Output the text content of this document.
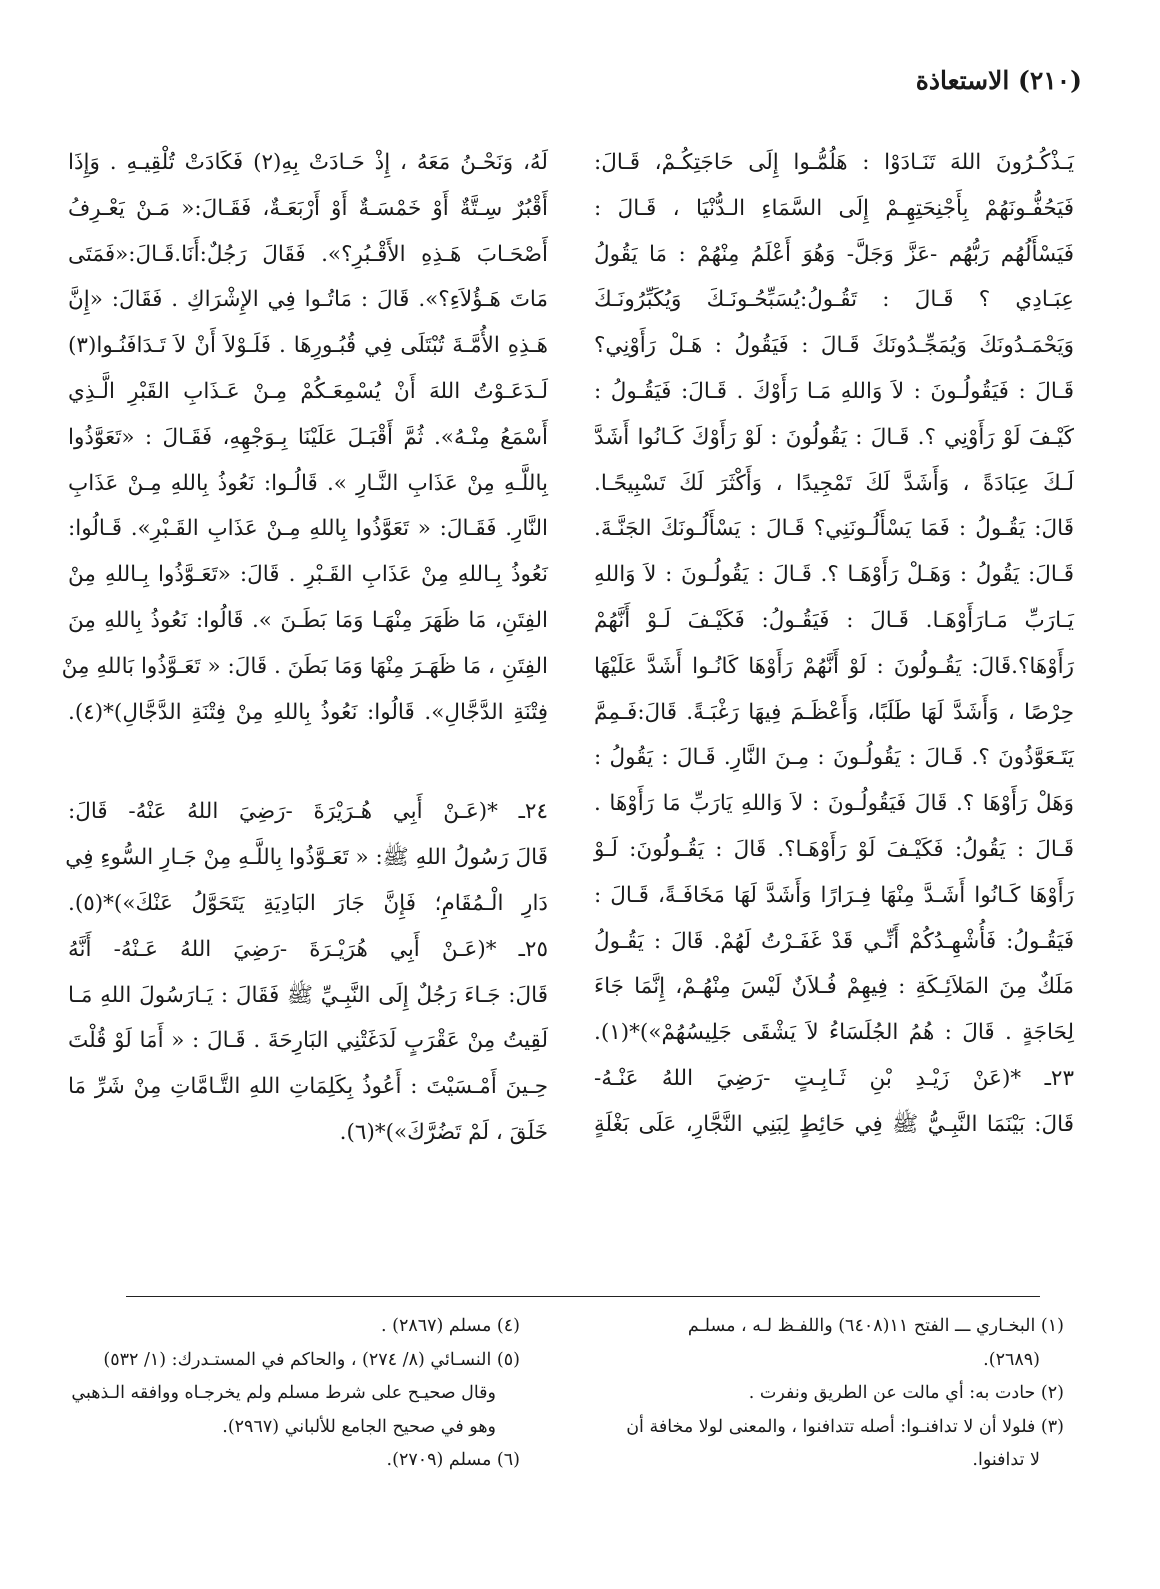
(٢١٠) الاستعاذة
يَـذْكُـرُونَ اللهَ تَنَـادَوْا : هَلُمُّـوا إِلَى حَاجَتِكُـمْ، قَـالَ:
فَيَحُفُّـونَهُمْ بِأَجْنِحَتِهِـمْ إِلَى السَّمَاءِ الـدُّنْيَا ، قَـالَ :
فَيَسْأَلُهُم رَبُّهُم -عَزَّ وَجَلَّ- وَهُوَ أَعْلَمُ مِنْهُمْ : مَا يَقُولُ
عِبَـادِي ؟ قَـالَ : تَقُـولُ:يُسَبِّحُـونَـكَ وَيُكَبِّرُونَـكَ
وَيَحْمَـدُونَكَ وَيُمَجِّـدُونَكَ قَـالَ : فَيَقُولُ : هَـلْ رَأَوْنِي؟
قَـالَ : فَيَقُولُـونَ : لاَ وَاللهِ مَـا رَأَوْكَ . قَـالَ: فَيَقُـولُ :
كَيْـفَ لَوْ رَأَوْنِي ؟. قَـالَ : يَقُولُونَ : لَوْ رَأَوْكَ كَـانُوا أَشَدَّ
لَـكَ عِبَادَةً ، وَأَشَدَّ لَكَ تَمْجِيدًا ، وَأَكْثَرَ لَكَ تَسْبِيحًـا.
قَالَ: يَقُـولُ : فَمَا يَسْأَلُـونَنِي؟ قَـالَ : يَسْأَلُـونَكَ الجَنَّـةَ.
قَـالَ: يَقُولُ : وَهَـلْ رَأَوْهَـا ؟. قَـالَ : يَقُولُـونَ : لاَ وَاللهِ
يَـارَبِّ مَـارَأَوْهَـا. قَـالَ : فَيَقُـولُ: فَكَيْـفَ لَـوْ أَنَّهُمْ
رَأَوْهَا؟.قَالَ: يَقُـولُونَ : لَوْ أَنَّهُمْ رَأَوْهَا كَانُـوا أَشَدَّ عَلَيْهَا
حِرْصًا ، وَأَشَدَّ لَهَا طَلَبًا، وَأَعْظَـمَ فِيهَا رَغْبَـةً. قَالَ:فَـمِمَّ
يَتَـعَوَّذُونَ ؟. قَـالَ : يَقُولُـونَ : مِـنَ النَّارِ. قَـالَ : يَقُولُ :
وَهَلْ رَأَوْهَا ؟. قَالَ فَيَقُولُـونَ : لاَ وَاللهِ يَارَبِّ مَا رَأَوْهَا .
قَـالَ : يَقُولُ: فَكَيْـفَ لَوْ رَأَوْهَـا؟. قَالَ : يَقُـولُونَ: لَـوْ
رَأَوْهَا كَـانُوا أَشَـدَّ مِنْهَا فِـرَارًا وَأَشَدَّ لَهَا مَخَافَـةً، قَـالَ :
فَيَقُـولُ: فَأُشْهِـدُكُمْ أَنِّـي قَدْ غَفَـرْتُ لَهُمْ. قَالَ : يَقُـولُ
مَلَكٌ مِنَ المَلاَئِـكَةِ : فِيهِمْ فُـلاَنٌ لَيْسَ مِنْهُـمْ، إِنَّمَا جَاءَ
لِحَاجَةٍ . قَالَ : هُمُ الجُلَسَاءُ لاَ يَشْقَى جَلِيسُهُمْ»)*(١).
٢٣ـ *(عَنْ زَيْـدِ بْنِ ثَـابِـتٍ -رَضِيَ اللهُ عَنْـهُ-
قَالَ: بَيْنَمَا النَّبِـيُّ ﷺ فِي حَائِطٍ لِبَنِي النَّجَّارِ، عَلَى بَغْلَةٍ
لَهُ، وَنَحْـنُ مَعَهُ ، إِذْ حَـادَتْ بِهِ(٢) فَكَادَتْ تُلْقِيـهِ . وَإِذَا
أَقْبُرٌ سِـتَّةٌ أَوْ خَمْسَـةٌ أَوْ أَرْبَعَـةٌ، فَقَـالَ:« مَـنْ يَعْـرِفُ
أَصْحَـابَ هَـذِهِ الأَقْـبُرِ؟». فَقَالَ رَجُلٌ:أَنَا.قَـالَ:«فَمَتَى
مَاتَ هَـؤُلاَءِ؟». قَالَ : مَاتُـوا فِي الإِشْرَاكِ . فَقَالَ: «إِنَّ
هَـذِهِ الأُمَّـةَ تُبْتَلَى فِي قُبُـورِهَا . فَلَـوْلاَ أَنْ لاَ تَـدَافَنُـوا(٣)
لَـدَعَـوْتُ اللهَ أَنْ يُسْمِعَـكُمْ مِـنْ عَـذَابِ القَبْرِ الَّـذِي
أَسْمَعُ مِنْـهُ». ثُمَّ أَقْبَـلَ عَلَيْنَا بِـوَجْهِهِ، فَقَـالَ : «تَعَوَّذُوا
بِاللَّـهِ مِنْ عَذَابِ النَّـارِ ». قَالُـوا: نَعُوذُ بِاللهِ مِـنْ عَذَابِ
النَّارِ. فَقَـالَ: « تَعَوَّذُوا بِاللهِ مِـنْ عَذَابِ القَـبْرِ». قَـالُوا:
نَعُوذُ بِـاللهِ مِنْ عَذَابِ القَـبْرِ . قَالَ: «تَعَـوَّذُوا بِـاللهِ مِنْ
الفِتَنِ، مَا ظَهَرَ مِنْهَـا وَمَا بَطَـنَ ». قَالُوا: نَعُوذُ بِاللهِ مِنَ
الفِتَنِ ، مَا ظَهَـرَ مِنْهَا وَمَا بَطَنَ . قَالَ: « تَعَـوَّذُوا بَاللهِ مِنْ
فِتْنَةِ الدَّجَّالِ». قَالُوا: نَعُوذُ بِاللهِ مِنْ فِتْنَةِ الدَّجَّالِ)*(٤).
٢٤ـ *(عَـنْ أَبِي هُـرَيْرَةَ -رَضِيَ اللهُ عَنْهُ- قَالَ:
قَالَ رَسُولُ اللهِ ﷺ: « تَعَـوَّذُوا بِاللَّـهِ مِنْ جَـارِ السُّوءِ فِي
دَارِ الْـمُقَامِ؛ فَإِنَّ جَارَ البَادِيَةِ يَتَحَوَّلُ عَنْكَ»)*(٥).
٢٥ـ *(عَـنْ أَبِي هُرَيْـرَةَ -رَضِيَ اللهُ عَـنْهُ- أَنَّهُ
قَالَ: جَـاءَ رَجُلٌ إِلَى النَّبِـيِّ ﷺ فَقَالَ : يَـارَسُولَ اللهِ مَـا
لَقِيتُ مِنْ عَقْرَبٍ لَدَغَتْنِي البَارِحَةَ . قَـالَ : « أَمَا لَوْ قُلْتَ
حِـينَ أَمْـسَيْتَ : أَعُوذُ بِكَلِمَاتِ اللهِ التَّـامَّاتِ مِنْ شَرِّ مَا
خَلَقَ ، لَمْ تَضُرَّكَ»)*(٦).
(١) البخـاري ـــ الفتح ١١(٦٤٠٨) واللفـظ لـه ، مسلـم
(٢٦٨٩).
(٢) حادت به: أي مالت عن الطريق ونفرت .
(٣) فلولا أن لا تدافنـوا: أصله تتدافنوا ، والمعنى لولا مخافة أن
لا تدافنوا.
(٤) مسلم (٢٨٦٧) .
(٥) النسـائي (٨/ ٢٧٤) ، والحاكم في المستـدرك: (١/ ٥٣٢)
وقال صحيـح على شرط مسلم ولم يخرجـاه ووافقه الـذهبي
وهو في صحيح الجامع للألباني (٢٩٦٧).
(٦) مسلم (٢٧٠٩).
